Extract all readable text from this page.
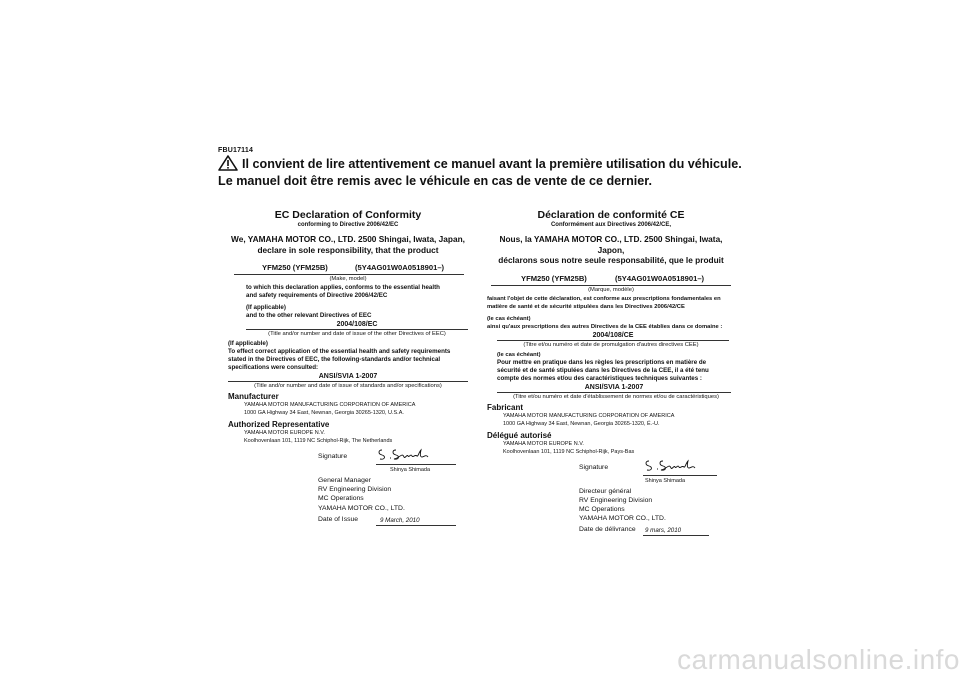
FBU17114
Il convient de lire attentivement ce manuel avant la première utilisation du véhicule. Le manuel doit être remis avec le véhicule en cas de vente de ce dernier.
EC Declaration of Conformity
conforming to Directive 2006/42/EC
We, YAMAHA MOTOR CO., LTD. 2500 Shingai, Iwata, Japan,
declare in sole responsibility, that the product
YFM250 (YFM25B)	(5Y4AG01W0A0518901–)
(Make, model)
to which this declaration applies, conforms to the essential health
and safety requirements of Directive 2006/42/EC
(If applicable)
and to the other relevant Directives of EEC
2004/108/EC
(Title and/or number and date of issue of the other Directives of EEC)
(If applicable)
To effect correct application of the essential health and safety requirements
stated in the Directives of EEC, the following-standards and/or technical
specifications were consulted:
ANSI/SVIA 1-2007
(Title and/or number and date of issue of standards and/or specifications)
Manufacturer
YAMAHA MOTOR MANUFACTURING CORPORATION OF AMERICA
1000 GA Highway 34 East, Newnan, Georgia 30265-1320, U.S.A.
Authorized Representative
YAMAHA MOTOR EUROPE N.V.
Koolhovenlaan 101, 1119 NC Schiphol-Rijk, The Netherlands
Signature
Shinya Shimada
General Manager
RV Engineering Division
MC Operations
YAMAHA MOTOR CO., LTD.
Date of Issue	9 March, 2010
Déclaration de conformité CE
Conformément aux Directives 2006/42/CE,
Nous, la YAMAHA MOTOR CO., LTD. 2500 Shingai, Iwata, Japon,
déclarons sous notre seule responsabilité, que le produit
YFM250 (YFM25B)	(5Y4AG01W0A0518901–)
(Marque, modèle)
faisant l'objet de cette déclaration, est conforme aux prescriptions fondamentales en
matière de santé et de sécurité stipulées dans les Directives 2006/42/CE
(le cas échéant)
ainsi qu'aux prescriptions des autres Directives de la CEE établies dans ce domaine :
2004/108/CE
(Titre et/ou numéro et date de promulgation d'autres directives CEE)
(le cas échéant)
Pour mettre en pratique dans les règles les prescriptions en matière de
sécurité et de santé stipulées dans les Directives de la CEE, il a été tenu
compte des normes et/ou des caractéristiques techniques suivantes :
ANSI/SVIA 1-2007
(Titre et/ou numéro et date d'établissement de normes et/ou de caractéristiques)
Fabricant
YAMAHA MOTOR MANUFACTURING CORPORATION OF AMERICA
1000 GA Highway 34 East, Newnan, Georgia 30265-1320, É.-U.
Délégué autorisé
YAMAHA MOTOR EUROPE N.V.
Koolhovenlaan 101, 1119 NC Schiphol-Rijk, Pays-Bas
Signature
Shinya Shimada
Directeur général
RV Engineering Division
MC Operations
YAMAHA MOTOR CO., LTD.
Date de délivrance 9 mars, 2010
carmanualsonline.info
